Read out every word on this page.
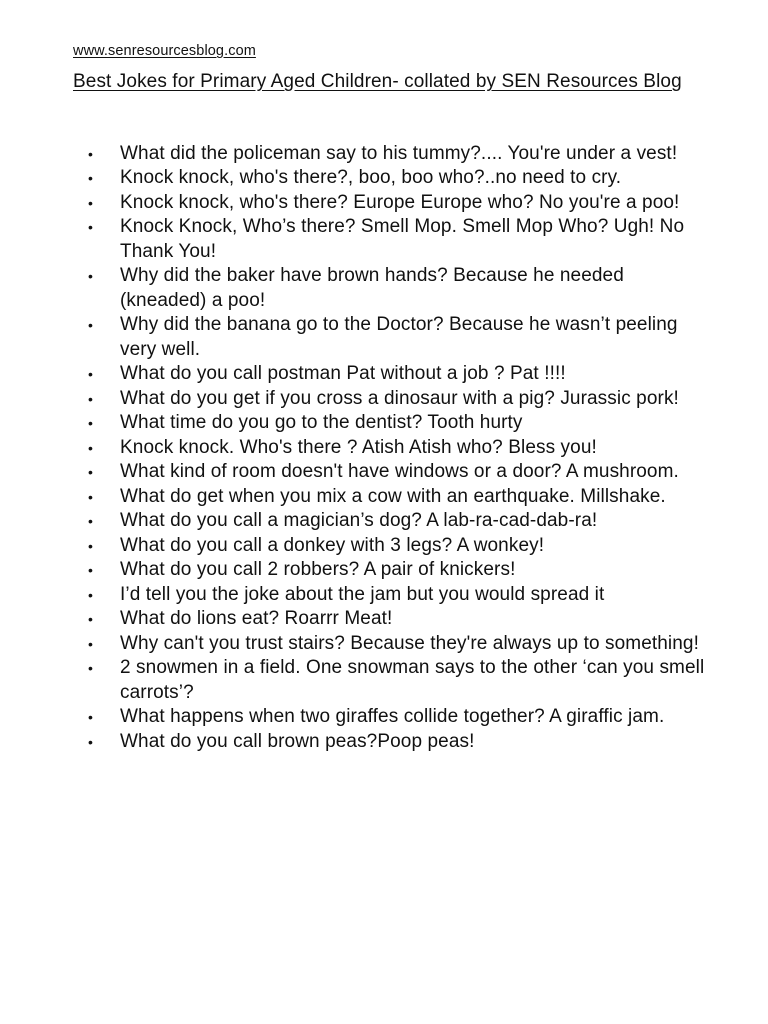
www.senresourcesblog.com
Best Jokes for Primary Aged Children- collated by SEN Resources Blog
• What did the policeman say to his tummy?.... You're under a vest!
• Knock knock, who's there?, boo, boo who?..no need to cry.
• Knock knock, who's there? Europe Europe who? No you're a poo!
• Knock Knock, Who’s there? Smell Mop. Smell Mop Who? Ugh! No Thank You!
• Why did the baker have brown hands? Because he needed (kneaded) a poo!
• Why did the banana go to the Doctor? Because he wasn’t peeling very well.
• What do you call postman Pat without a job ? Pat !!!!
• What do you get if you cross a dinosaur with a pig? Jurassic pork!
• What time do you go to the dentist? Tooth hurty
• Knock knock. Who's there ? Atish Atish who? Bless you!
• What kind of room doesn't have windows or a door? A mushroom.
• What do get when you mix a cow with an earthquake. Millshake.
• What do you call a magician’s dog? A lab-ra-cad-dab-ra!
• What do you call a donkey with 3 legs? A wonkey!
• What do you call 2 robbers? A pair of knickers!
• I’d tell you the joke about the jam but you would spread it
• What do lions eat? Roarrr Meat!
• Why can't you trust stairs? Because they're always up to something!
• 2 snowmen in a field. One snowman says to the other ‘can you smell carrots’?
• What happens when two giraffes collide together? A giraffic jam.
• What do you call brown peas?Poop peas!
